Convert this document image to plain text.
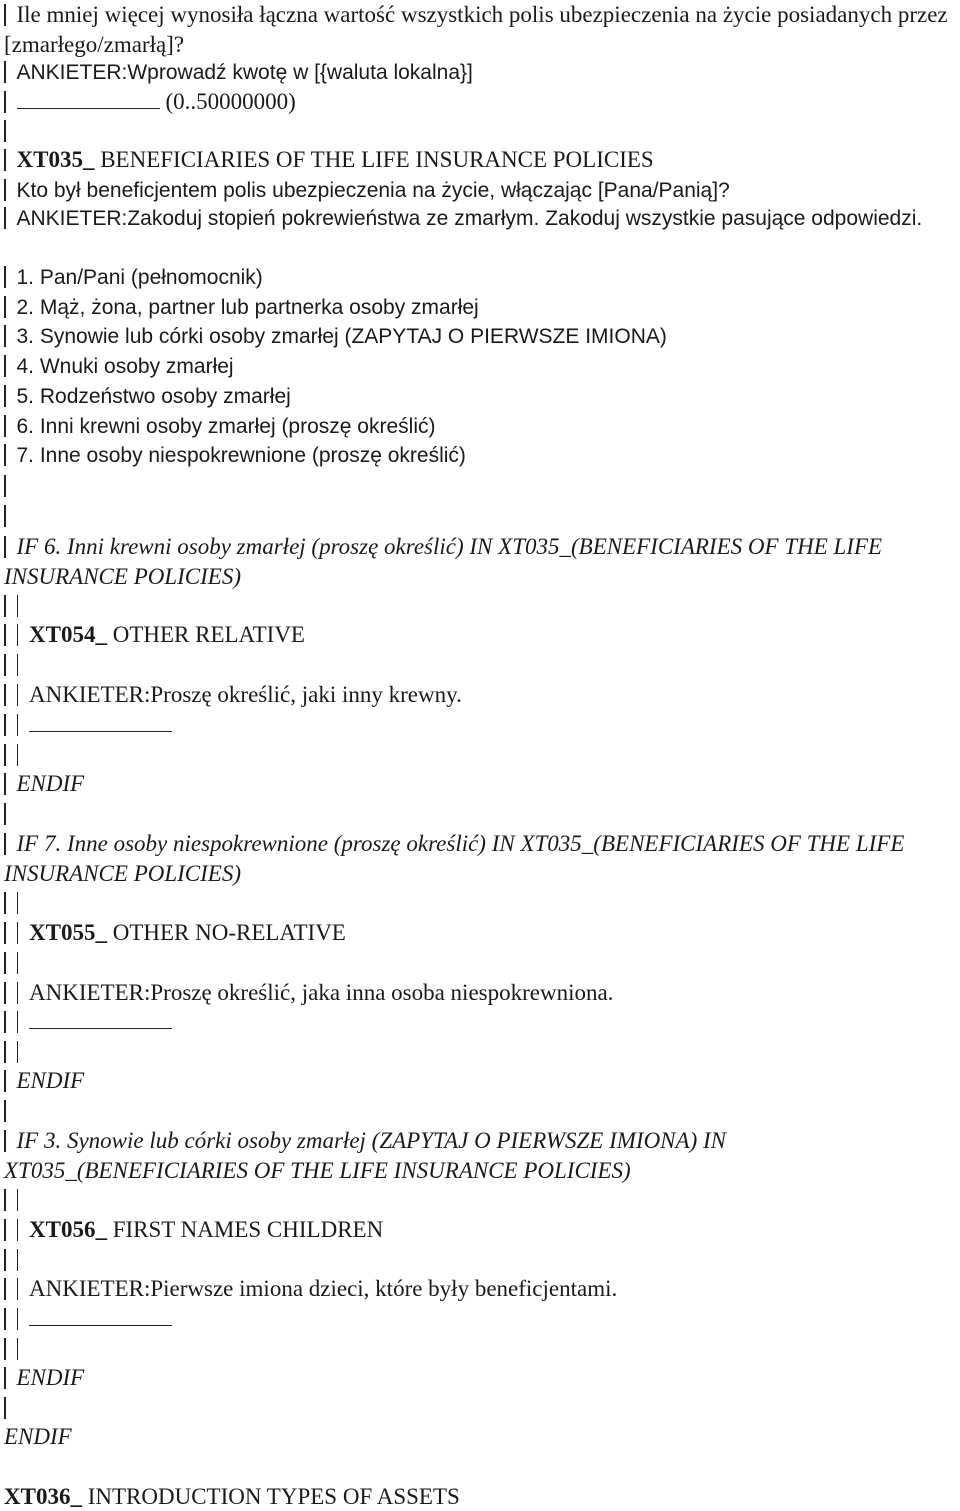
Ile mniej więcej wynosiła łączna wartość wszystkich polis ubezpieczenia na życie posiadanych przez [zmarłego/zmarłą]?
ANKIETER:Wprowadź kwotę w [{waluta lokalna}]
(0..50000000)
XT035_ BENEFICIARIES OF THE LIFE INSURANCE POLICIES
Kto był beneficjentem polis ubezpieczenia na życie, włączając [Pana/Panią]?
ANKIETER:Zakoduj stopień pokrewieństwa ze zmarłym. Zakoduj wszystkie pasujące odpowiedzi.
1. Pan/Pani (pełnomocnik)
2. Mąż, żona, partner lub partnerka osoby zmarłej
3. Synowie lub córki osoby zmarłej (ZAPYTAJ O PIERWSZE IMIONA)
4. Wnuki osoby zmarłej
5. Rodzeństwo osoby zmarłej
6. Inni krewni osoby zmarłej (proszę określić)
7. Inne osoby niespokrewnione (proszę określić)
IF 6. Inni krewni osoby zmarłej (proszę określić) IN XT035_(BENEFICIARIES OF THE LIFE INSURANCE POLICIES)
XT054_ OTHER RELATIVE
ANKIETER:Proszę określić, jaki inny krewny.
ENDIF
IF 7. Inne osoby niespokrewnione (proszę określić) IN XT035_(BENEFICIARIES OF THE LIFE INSURANCE POLICIES)
XT055_ OTHER NO-RELATIVE
ANKIETER:Proszę określić, jaka inna osoba niespokrewniona.
ENDIF
IF 3. Synowie lub córki osoby zmarłej (ZAPYTAJ O PIERWSZE IMIONA) IN XT035_(BENEFICIARIES OF THE LIFE INSURANCE POLICIES)
XT056_ FIRST NAMES CHILDREN
ANKIETER:Pierwsze imiona dzieci, które były beneficjentami.
ENDIF
ENDIF
XT036_ INTRODUCTION TYPES OF ASSETS
